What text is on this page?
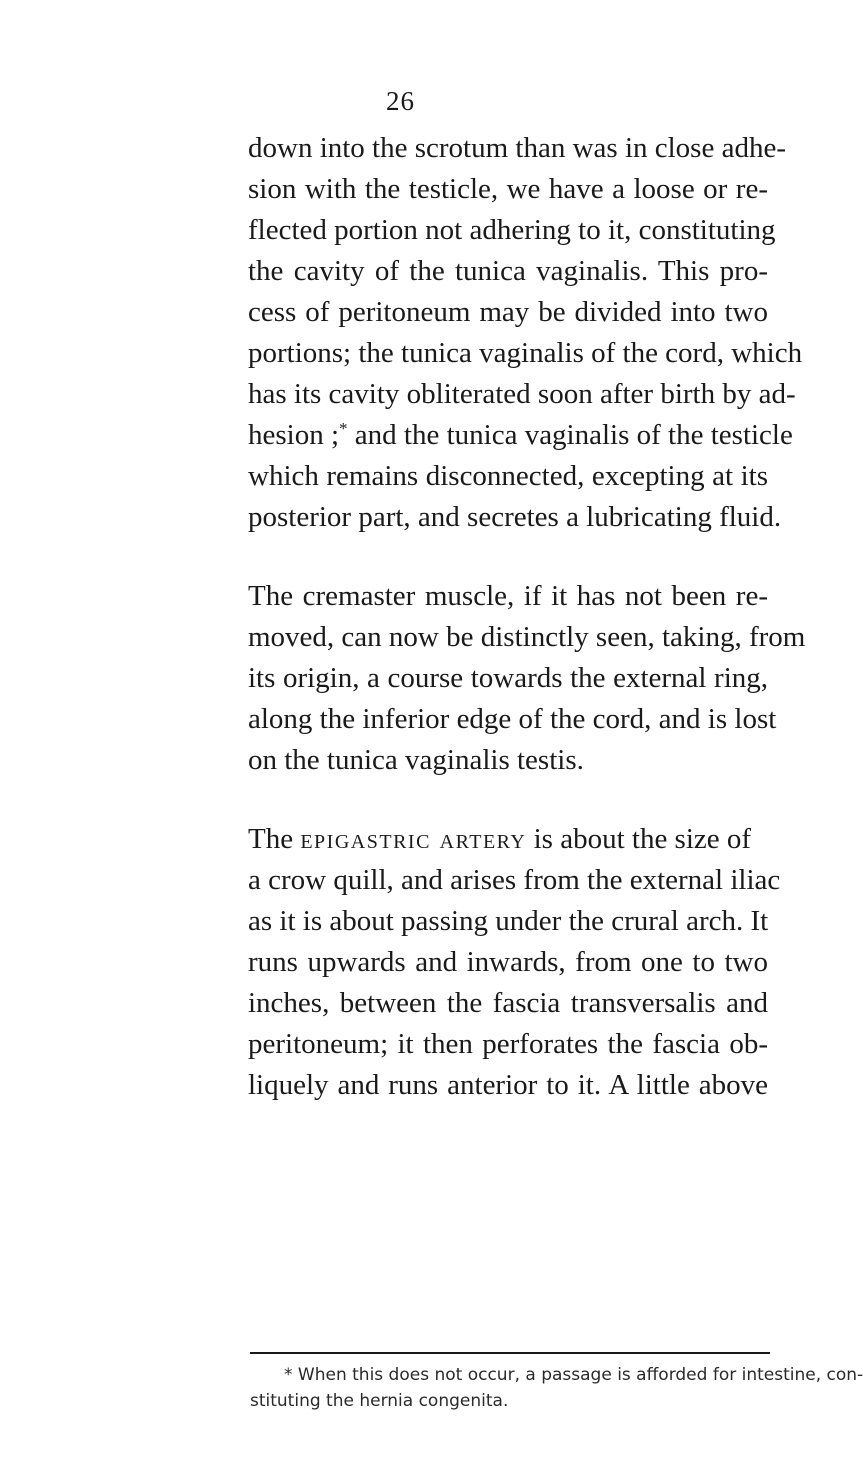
26
down into the scrotum than was in close adhe-
sion with the testicle, we have a loose or re-
flected portion not adhering to it, constituting
the cavity of the tunica vaginalis. This pro-
cess of peritoneum may be divided into two
portions; the tunica vaginalis of the cord, which
has its cavity obliterated soon after birth by ad-
hesion ;* and the tunica vaginalis of the testicle
which remains disconnected, excepting at its
posterior part, and secretes a lubricating fluid.
The cremaster muscle, if it has not been re-
moved, can now be distinctly seen, taking, from
its origin, a course towards the external ring,
along the inferior edge of the cord, and is lost
on the tunica vaginalis testis.
The epigastric artery is about the size of
a crow quill, and arises from the external iliac
as it is about passing under the crural arch. It
runs upwards and inwards, from one to two
inches, between the fascia transversalis and
peritoneum; it then perforates the fascia ob-
liquely and runs anterior to it. A little above
* When this does not occur, a passage is afforded for intestine, con-
stituting the hernia congenita.
